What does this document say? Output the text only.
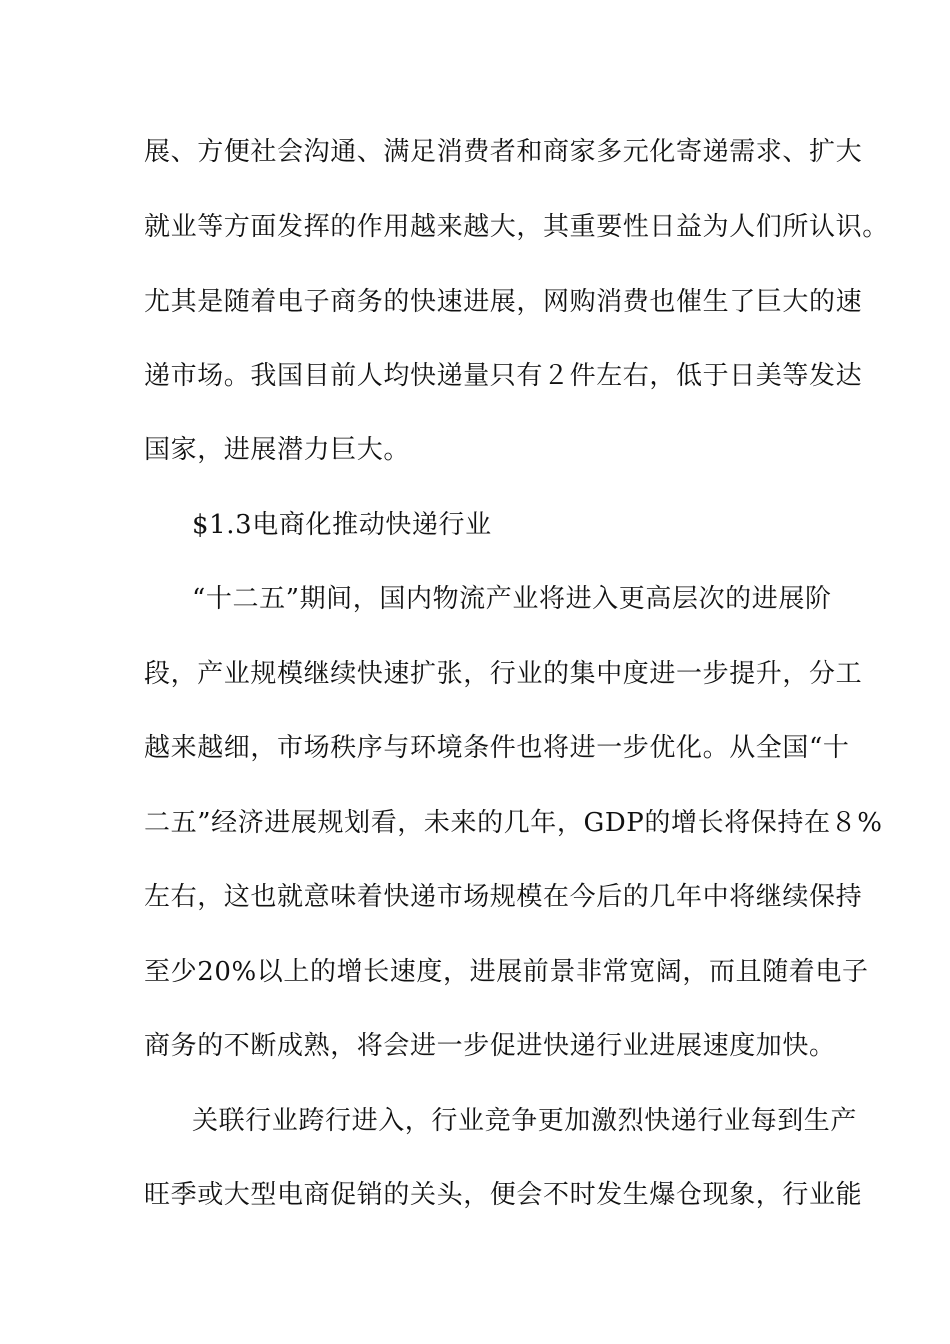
展、方便社会沟通、满足消费者和商家多元化寄递需求、扩大
就业等方面发挥的作用越来越大，其重要性日益为人们所认识。
尤其是随着电子商务的快速进展，网购消费也催生了巨大的速
递市场。我国目前人均快递量只有２件左右，低于日美等发达
国家，进展潜力巨大。
$1.3电商化推动快递行业
“十二五”期间，国内物流产业将进入更高层次的进展阶
段，产业规模继续快速扩张，行业的集中度进一步提升，分工
越来越细，市场秩序与环境条件也将进一步优化。从全国“十
二五”经济进展规划看，未来的几年，GDP的增长将保持在８%
左右，这也就意味着快递市场规模在今后的几年中将继续保持
至少20%以上的增长速度，进展前景非常宽阔，而且随着电子
商务的不断成熟，将会进一步促进快递行业进展速度加快。
关联行业跨行进入，行业竞争更加激烈快递行业每到生产
旺季或大型电商促销的关头，便会不时发生爆仓现象，行业能
